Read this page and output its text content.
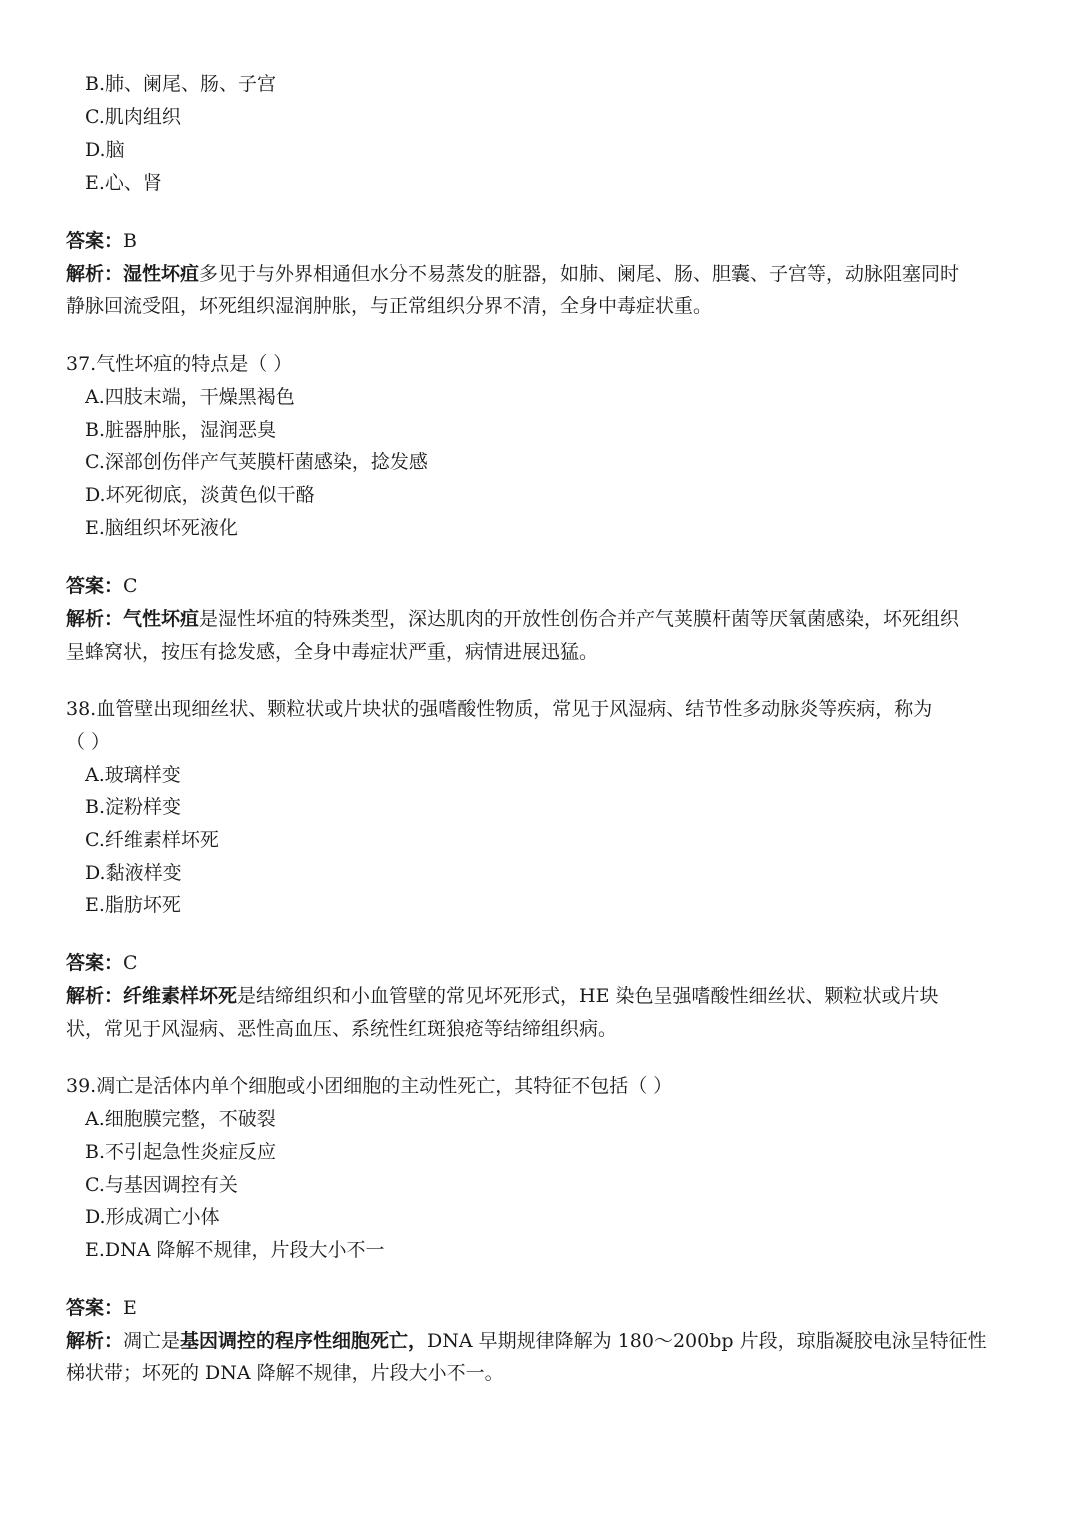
B.肺、阑尾、肠、子宫
C.肌肉组织
D.脑
E.心、肾
答案：B
解析：湿性坏疽多见于与外界相通但水分不易蒸发的脏器，如肺、阑尾、肠、胆囊、子宫等，动脉阻塞同时
静脉回流受阻，坏死组织湿润肿胀，与正常组织分界不清，全身中毒症状重。
37.气性坏疽的特点是（ ）
A.四肢末端，干燥黑褐色
B.脏器肿胀，湿润恶臭
C.深部创伤伴产气荚膜杆菌感染，捻发感
D.坏死彻底，淡黄色似干酪
E.脑组织坏死液化
答案：C
解析：气性坏疽是湿性坏疽的特殊类型，深达肌肉的开放性创伤合并产气荚膜杆菌等厌氧菌感染，坏死组织
呈蜂窝状，按压有捻发感，全身中毒症状严重，病情进展迅猛。
38.血管壁出现细丝状、颗粒状或片块状的强嗜酸性物质，常见于风湿病、结节性多动脉炎等疾病，称为
（ ）
A.玻璃样变
B.淀粉样变
C.纤维素样坏死
D.黏液样变
E.脂肪坏死
答案：C
解析：纤维素样坏死是结缔组织和小血管壁的常见坏死形式，HE 染色呈强嗜酸性细丝状、颗粒状或片块
状，常见于风湿病、恶性高血压、系统性红斑狼疮等结缔组织病。
39.凋亡是活体内单个细胞或小团细胞的主动性死亡，其特征不包括（ ）
A.细胞膜完整，不破裂
B.不引起急性炎症反应
C.与基因调控有关
D.形成凋亡小体
E.DNA 降解不规律，片段大小不一
答案：E
解析：凋亡是基因调控的程序性细胞死亡，DNA 早期规律降解为 180～200bp 片段，琼脂凝胶电泳呈特征性
梯状带；坏死的 DNA 降解不规律，片段大小不一。
